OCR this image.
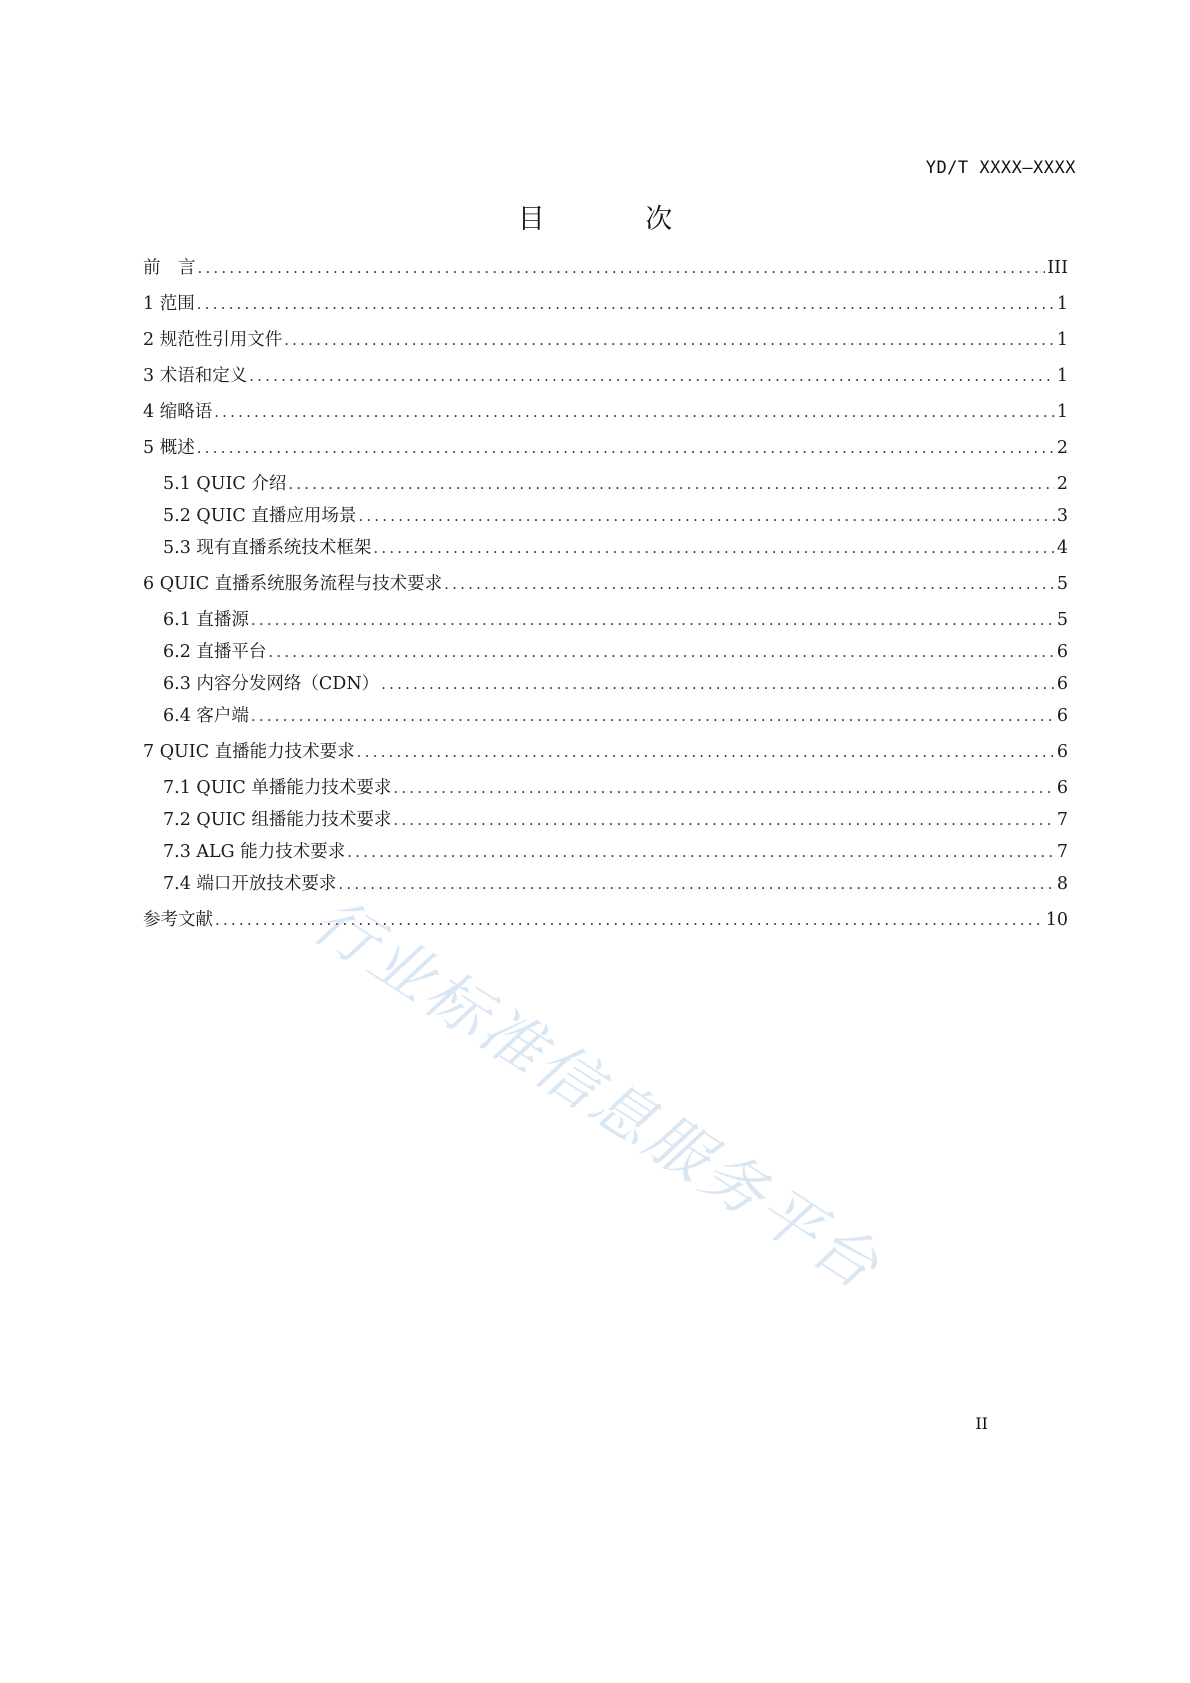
YD/T XXXX—XXXX
目 次
前　言 .....	III
1 范围 .....	1
2 规范性引用文件 .....	1
3 术语和定义 .....	1
4 缩略语 .....	1
5 概述 .....	2
5.1 QUIC 介绍 .....	2
5.2 QUIC 直播应用场景 .....	3
5.3 现有直播系统技术框架 .....	4
6 QUIC 直播系统服务流程与技术要求 .....	5
6.1 直播源 .....	5
6.2 直播平台 .....	6
6.3 内容分发网络（CDN） .....	6
6.4 客户端 .....	6
7 QUIC 直播能力技术要求 .....	6
7.1 QUIC 单播能力技术要求 .....	6
7.2 QUIC 组播能力技术要求 .....	7
7.3 ALG 能力技术要求 .....	7
7.4 端口开放技术要求 .....	8
参考文献 .....	10
行业标准信息服务平台
II
